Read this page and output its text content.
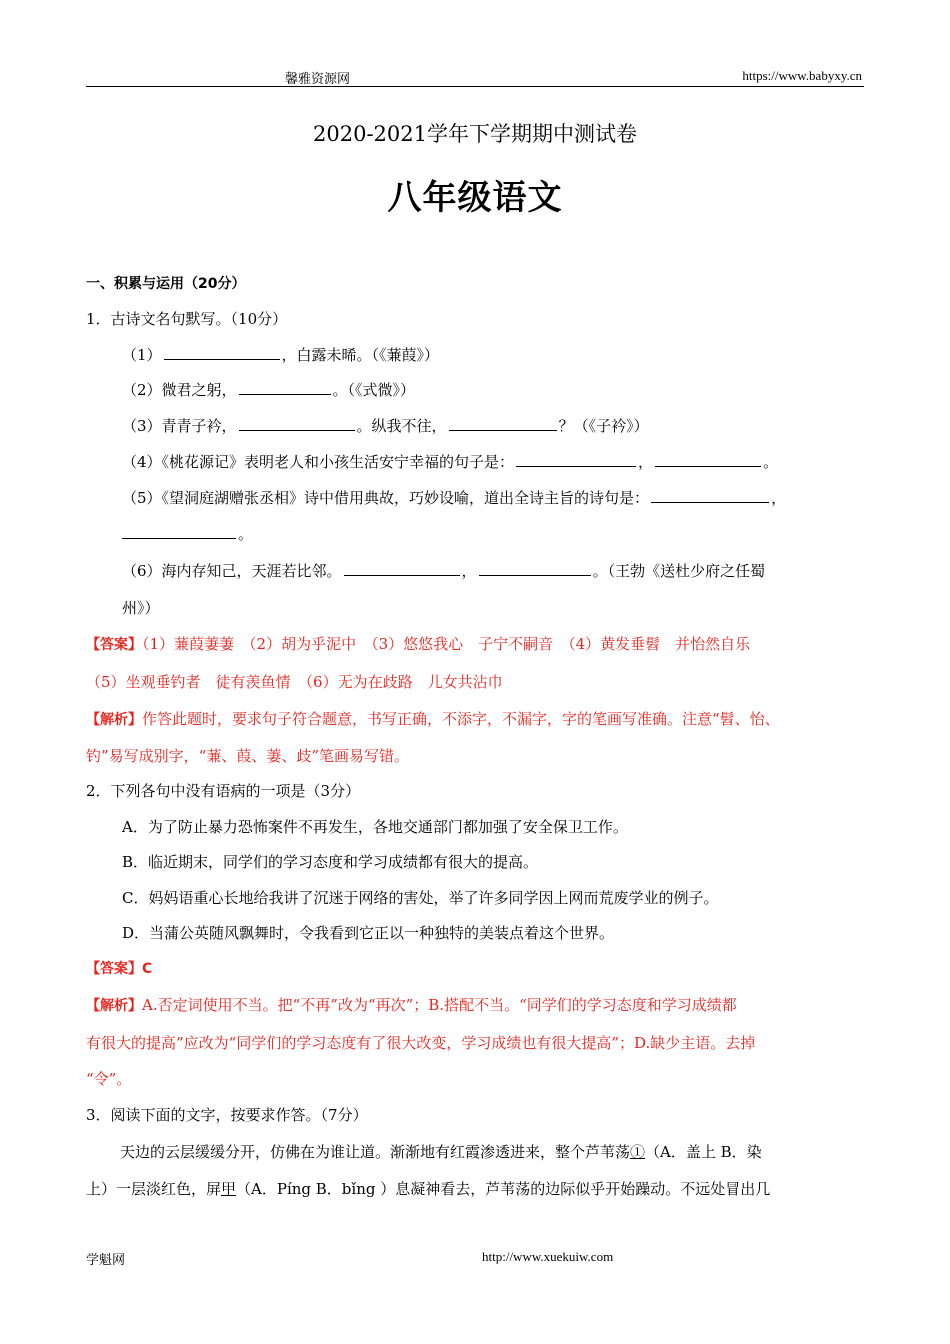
馨雅资源网	https://www.babyxy.cn
2020-2021学年下学期期中测试卷
八年级语文
一、积累与运用（20分）
1．古诗文名句默写。（10分）
（1）	，白露未晞。（《蒹葭》）
（2）微君之躬，	。（《式微》）
（3）青青子衿，	。纵我不往，	？（《子衿》）
（4）《桃花源记》表明老人和小孩生活安宁幸福的句子是：	，	。
（5）《望洞庭湖赠张丞相》诗中借用典故，巧妙设喻，道出全诗主旨的诗句是：	，
。
（6）海内存知己，天涯若比邻。	，	。（王勃《送杜少府之任蜀
州》）
【答案】（1）蒹葭萋萋　（2）胡为乎泥中　（3）悠悠我心　子宁不嗣音　（4）黄发垂髫　并怡然自乐
（5）坐观垂钓者　徒有羡鱼情　（6）无为在歧路　儿女共沾巾
【解析】作答此题时，要求句子符合题意，书写正确，不添字，不漏字，字的笔画写准确。注意“髫、怡、
钓”易写成别字，“蒹、葭、萋、歧”笔画易写错。
2．下列各句中没有语病的一项是（3分）
A．为了防止暴力恐怖案件不再发生，各地交通部门都加强了安全保卫工作。
B．临近期末，同学们的学习态度和学习成绩都有很大的提高。
C．妈妈语重心长地给我讲了沉迷于网络的害处，举了许多同学因上网而荒废学业的例子。
D．当蒲公英随风飘舞时，令我看到它正以一种独特的美装点着这个世界。
【答案】C
【解析】A.否定词使用不当。把“不再”改为“再次”；B.搭配不当。“同学们的学习态度和学习成绩都
有很大的提高”应改为“同学们的学习态度有了很大改变，学习成绩也有很大提高”；D.缺少主语。去掉
“令”。
3．阅读下面的文字，按要求作答。（7分）
天边的云层缓缓分开，仿佛在为谁让道。渐渐地有红霞渗透进来，整个芦苇荡①（A．盖上 B．染
上）一层淡红色，屏甲（A．Píng B．bǐng ）息凝神看去，芦苇荡的边际似乎开始躁动。不远处冒出几
学魁网	http://www.xuekuiw.com
